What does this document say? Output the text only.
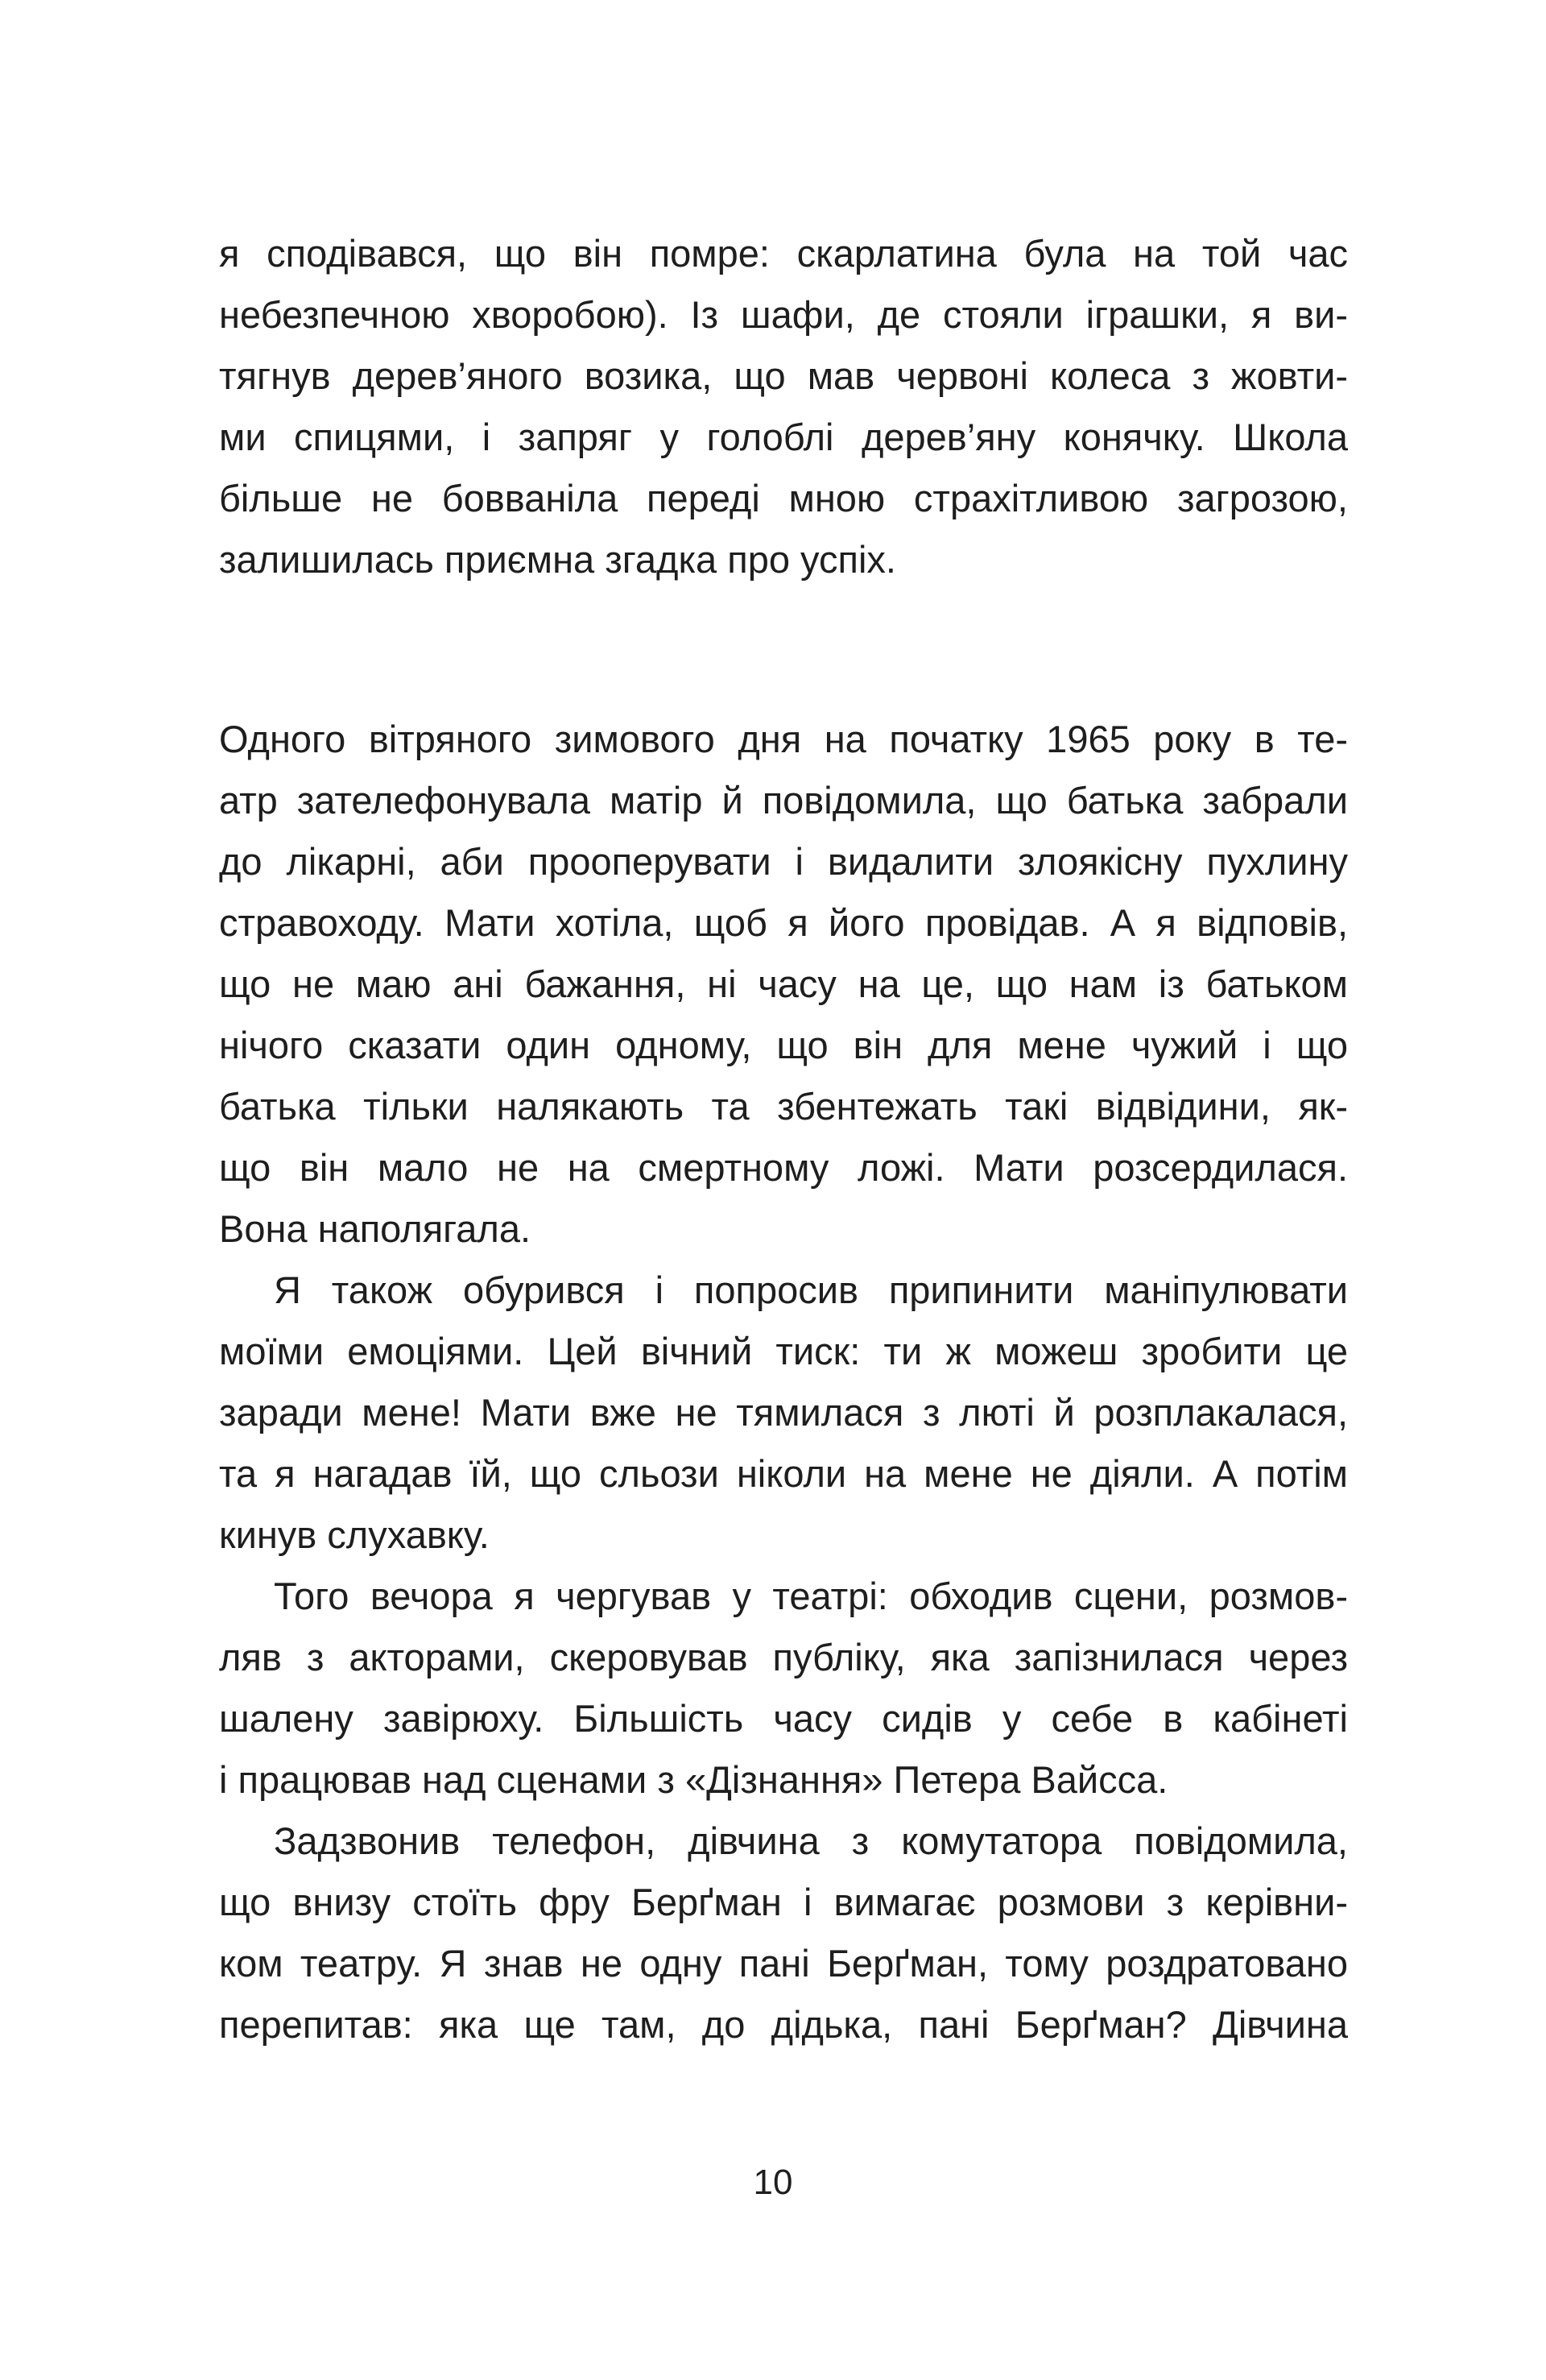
я сподівався, що він помре: скарлатина була на той час
небезпечною хворобою). Із шафи, де стояли іграшки, я ви-
тягнув дерев’яного возика, що мав червоні колеса з жовти-
ми спицями, і запряг у голоблі дерев’яну конячку. Школа
більше не бовваніла переді мною страхітливою загрозою,
залишилась приємна згадка про успіх.
Одного вітряного зимового дня на початку 1965 року в те-
атр зателефонувала матір й повідомила, що батька забрали
до лікарні, аби прооперувати і видалити злоякісну пухлину
стравоходу. Мати хотіла, щоб я його провідав. А я відповів,
що не маю ані бажання, ні часу на це, що нам із батьком
нічого сказати один одному, що він для мене чужий і що
батька тільки налякають та збентежать такі відвідини, як-
що він мало не на смертному ложі. Мати розсердилася.
Вона наполягала.
Я також обурився і попросив припинити маніпулювати
моїми емоціями. Цей вічний тиск: ти ж можеш зробити це
заради мене! Мати вже не тямилася з люті й розплакалася,
та я нагадав їй, що сльози ніколи на мене не діяли. А потім
кинув слухавку.
Того вечора я чергував у театрі: обходив сцени, розмов-
ляв з акторами, скеровував публіку, яка запізнилася через
шалену завірюху. Більшість часу сидів у себе в кабінеті
і працював над сценами з «Дізнання» Петера Вайсса.
Задзвонив телефон, дівчина з комутатора повідомила,
що внизу стоїть фру Берґман і вимагає розмови з керівни-
ком театру. Я знав не одну пані Берґман, тому роздратовано
перепитав: яка ще там, до дідька, пані Берґман? Дівчина
10
